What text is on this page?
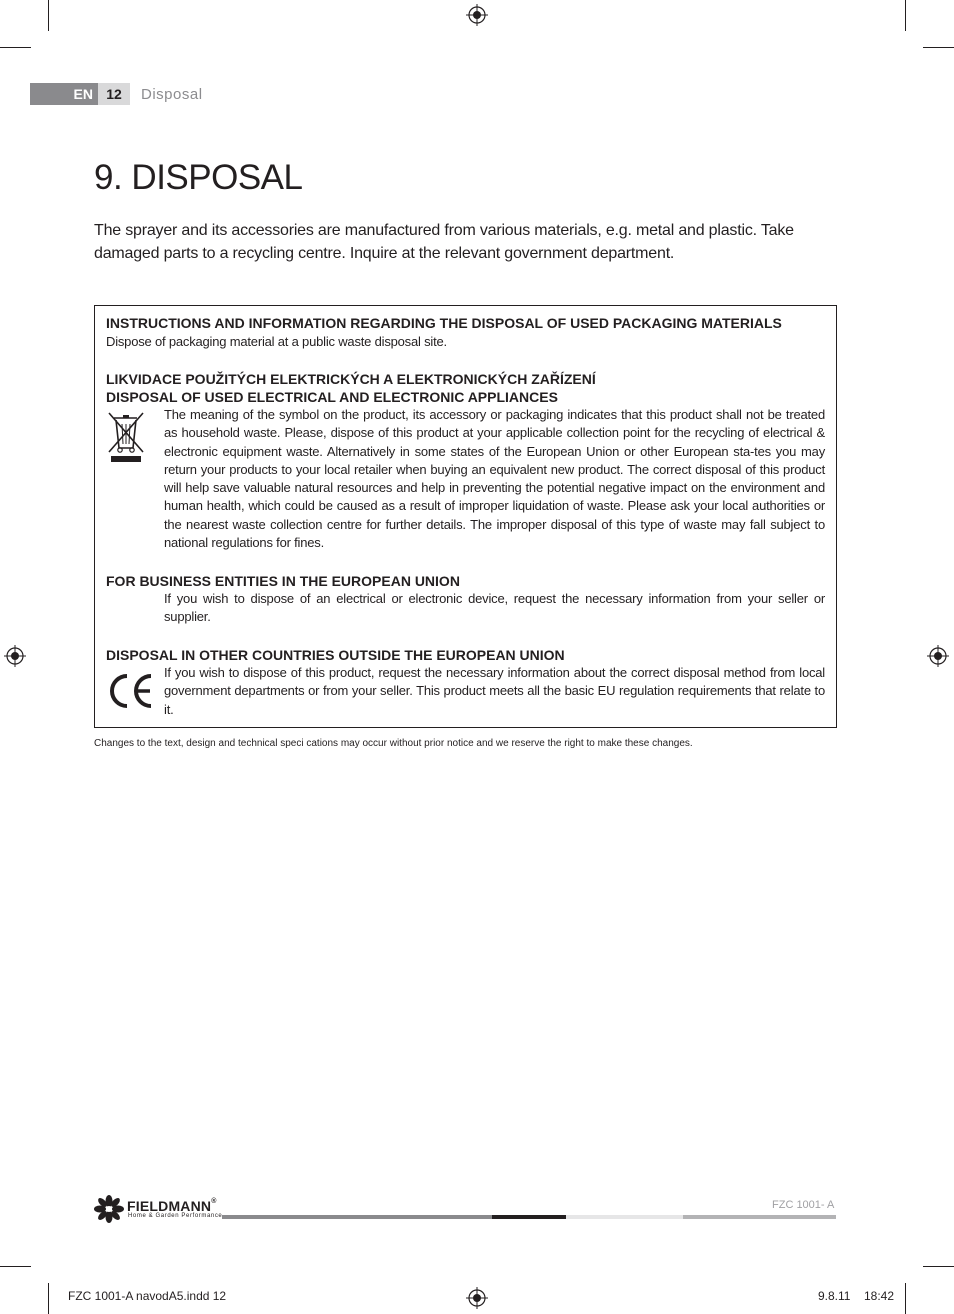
EN 12	Disposal
9. DISPOSAL
The sprayer and its accessories are manufactured from various materials, e.g. metal and plastic. Take damaged parts to a recycling centre. Inquire at the relevant government department.
INSTRUCTIONS AND INFORMATION REGARDING THE DISPOSAL OF USED PACKAGING MATERIALS
Dispose of packaging material at a public waste disposal site.
LIKVIDACE POUŽITÝCH ELEKTRICKÝCH A ELEKTRONICKÝCH ZAŘÍZENÍ
DISPOSAL OF USED ELECTRICAL AND ELECTRONIC APPLIANCES
The meaning of the symbol on the product, its accessory or packaging indicates that this product shall not be treated as household waste. Please, dispose of this product at your applicable collection point for the recycling of electrical & electronic equipment waste. Alternatively in some states of the European Union or other European sta-tes you may return your products to your local retailer when buying an equivalent new product. The correct disposal of this product will help save valuable natural resources and help in preventing the potential negative impact on the environment and human health, which could be caused as a result of improper liquidation of waste. Please ask your local authorities or the nearest waste collection centre for further details. The improper disposal of this type of waste may fall subject to national regulations for fines.
FOR BUSINESS ENTITIES IN THE EUROPEAN UNION
If you wish to dispose of an electrical or electronic device, request the necessary information from your seller or supplier.
DISPOSAL IN OTHER COUNTRIES OUTSIDE THE EUROPEAN UNION
If you wish to dispose of this product, request the necessary information about the correct disposal method from local government departments or from your seller. This product meets all the basic EU regulation requirements that relate to it.
Changes to the text, design and technical speci cations may occur without prior notice and we reserve the right to make these changes.
FIELDMANN®
Home & Garden Performance
FZC 1001- A
FZC 1001-A navodA5.indd 12	9.8.11 18:42
